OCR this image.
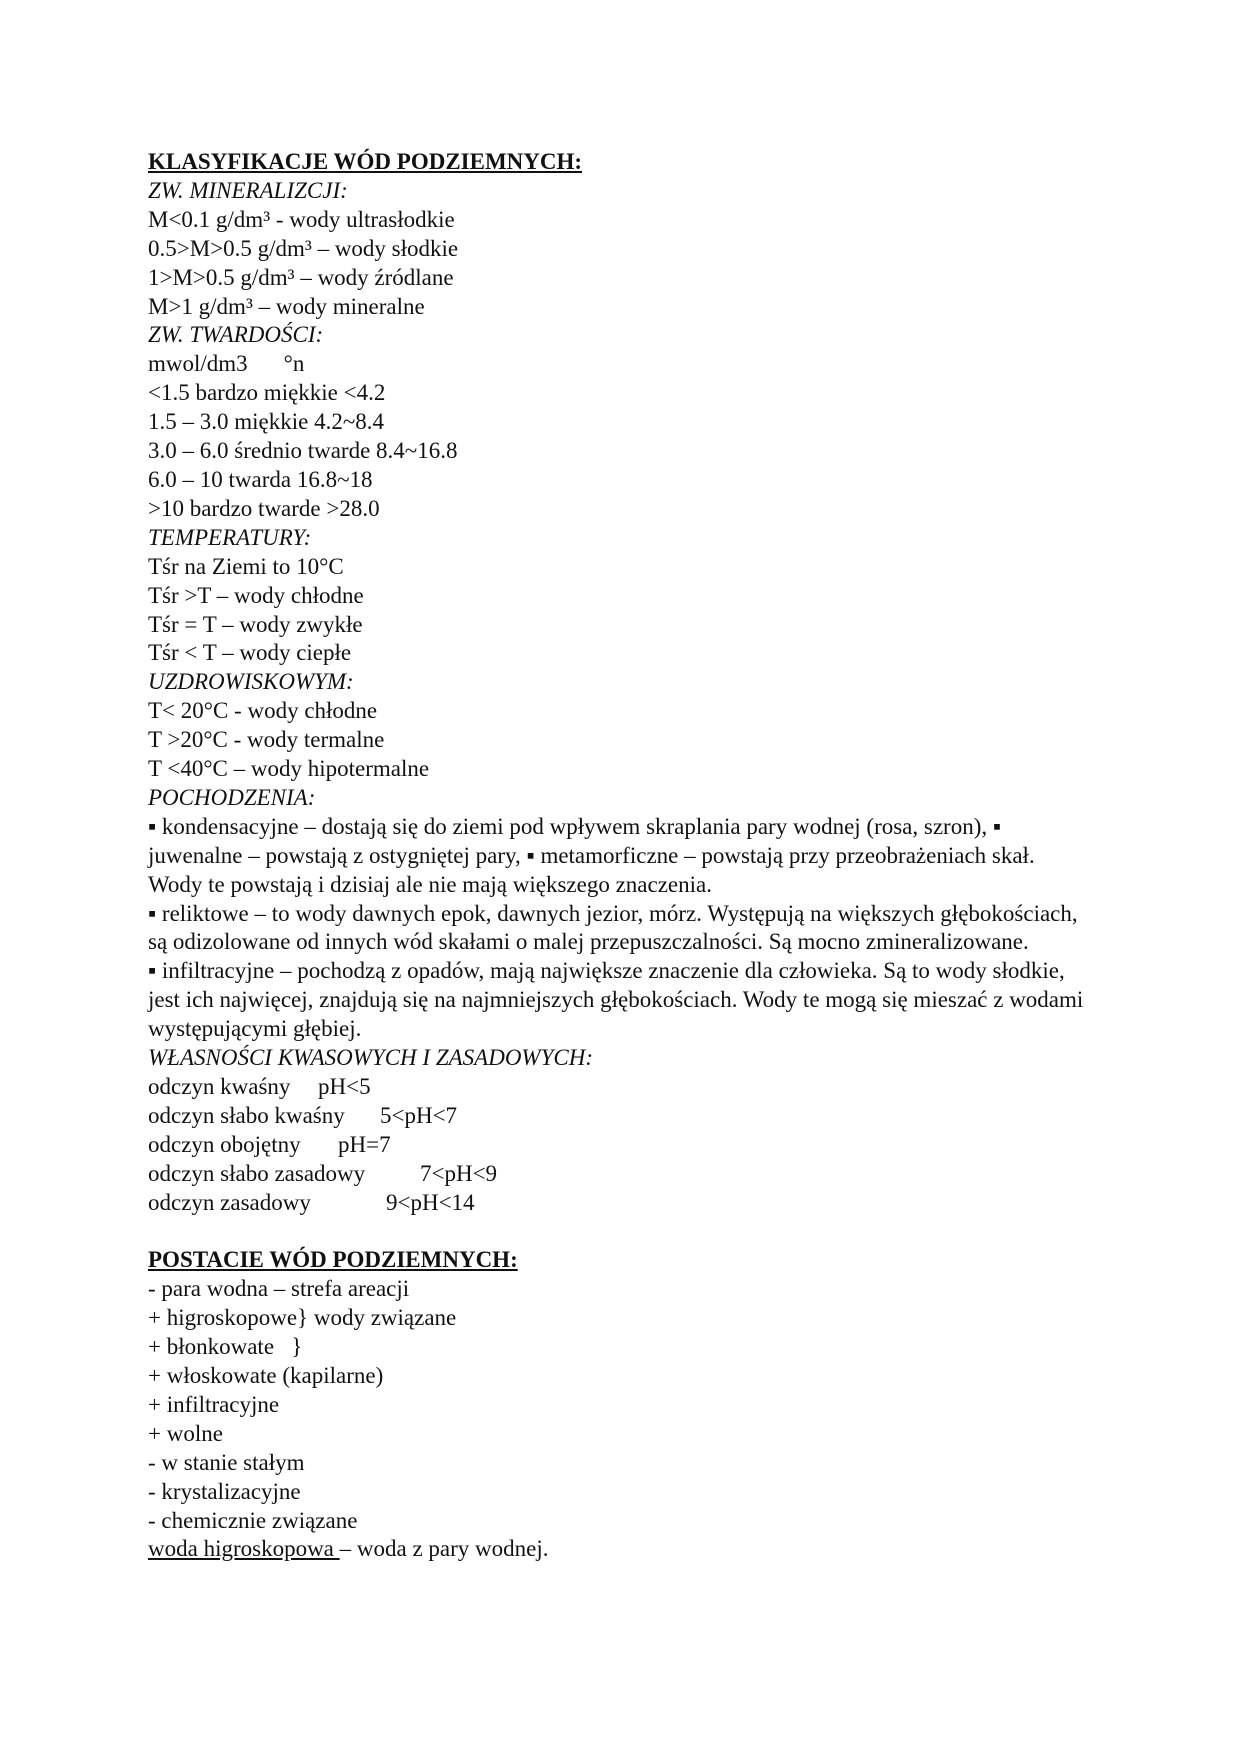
KLASYFIKACJE WÓD PODZIEMNYCH:
ZW. MINERALIZCJI:
M<0.1 g/dm³ - wody ultrasłodkie
0.5>M>0.5 g/dm³ – wody słodkie
1>M>0.5 g/dm³ – wody źródlane
M>1 g/dm³ – wody mineralne
ZW. TWARDOŚCI:
mwol/dm3 °n
<1.5 bardzo miękkie <4.2
1.5 – 3.0 miękkie 4.2~8.4
3.0 – 6.0 średnio twarde 8.4~16.8
6.0 – 10 twarda 16.8~18
>10 bardzo twarde >28.0
TEMPERATURY:
Tśr na Ziemi to 10°C
Tśr >T – wody chłodne
Tśr = T – wody zwykłe
Tśr < T – wody ciepłe
UZDROWISKOWYM:
T< 20°C - wody chłodne
T >20°C - wody termalne
T <40°C – wody hipotermalne
POCHODZENIA:
▪ kondensacyjne – dostają się do ziemi pod wpływem skraplania pary wodnej (rosa, szron), ▪ juwenalne – powstają z ostygniętej pary, ▪ metamorficzne – powstają przy przeobrażeniach skał. Wody te powstają i dzisiaj ale nie mają większego znaczenia.
▪ reliktowe – to wody dawnych epok, dawnych jezior, mórz. Występują na większych głębokościach, są odizolowane od innych wód skałami o malej przepuszczalności. Są mocno zmineralizowane.
▪ infiltracyjne – pochodzą z opadów, mają największe znaczenie dla człowieka. Są to wody słodkie, jest ich najwięcej, znajdują się na najmniejszych głębokościach. Wody te mogą się mieszać z wodami występującymi głębiej.
WŁASNOŚCI KWASOWYCH I ZASADOWYCH:
odczyn kwaśny pH<5
odczyn słabo kwaśny 5<pH<7
odczyn obojętny pH=7
odczyn słabo zasadowy 7<pH<9
odczyn zasadowy	9<pH<14
POSTACIE WÓD PODZIEMNYCH:
- para wodna – strefa areacji
+ higroskopowe} wody związane
+ błonkowate   }
+ włoskowate (kapilarne)
+ infiltracyjne
+ wolne
- w stanie stałym
- krystalizacyjne
- chemicznie związane
woda higroskopowa – woda z pary wodnej.
